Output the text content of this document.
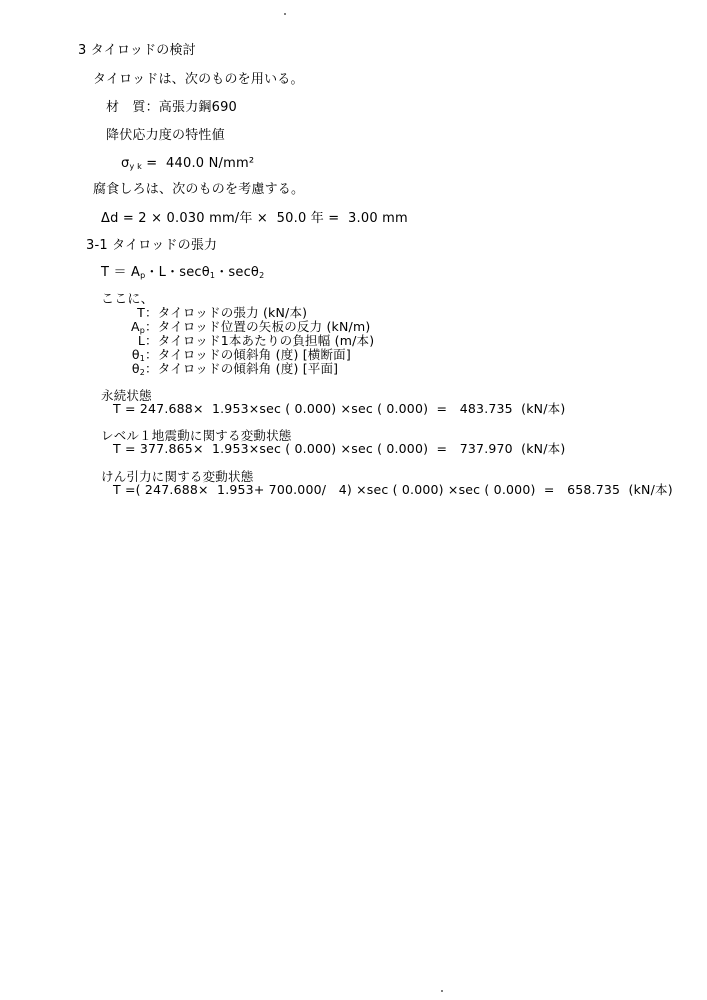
3 タイロッドの検討
タイロッドは、次のものを用いる。
材　質：高張力鋼690
降伏応力度の特性値
$\sigma_{y k} = 440.0$ N/mm²
腐食しろは、次のものを考慮する。
Δd = 2 × 0.030 mm/年 ×  50.0 年 =  3.00 mm
3-1 タイロッドの張力
$T = A_p$・L・secθ$_1$・secθ$_2$
ここに、
T：タイロッドの張力 (kN/本)
$A_p$：タイロッド位置の矢板の反力 (kN/m)
L：タイロッド1本あたりの負担幅 (m/本)
$\theta_1$：タイロッドの傾斜角 (度) [横断面]
$\theta_2$：タイロッドの傾斜角 (度) [平面]
永続状態
T = 247.688×  1.953×sec ( 0.000) ×sec ( 0.000)  =   483.735  (kN/本)
レベル１地震動に関する変動状態
T = 377.865×  1.953×sec ( 0.000) ×sec ( 0.000)  =   737.970  (kN/本)
けん引力に関する変動状態
T =( 247.688×  1.953+ 700.000/   4) ×sec ( 0.000) ×sec ( 0.000)  =   658.735  (kN/本)
